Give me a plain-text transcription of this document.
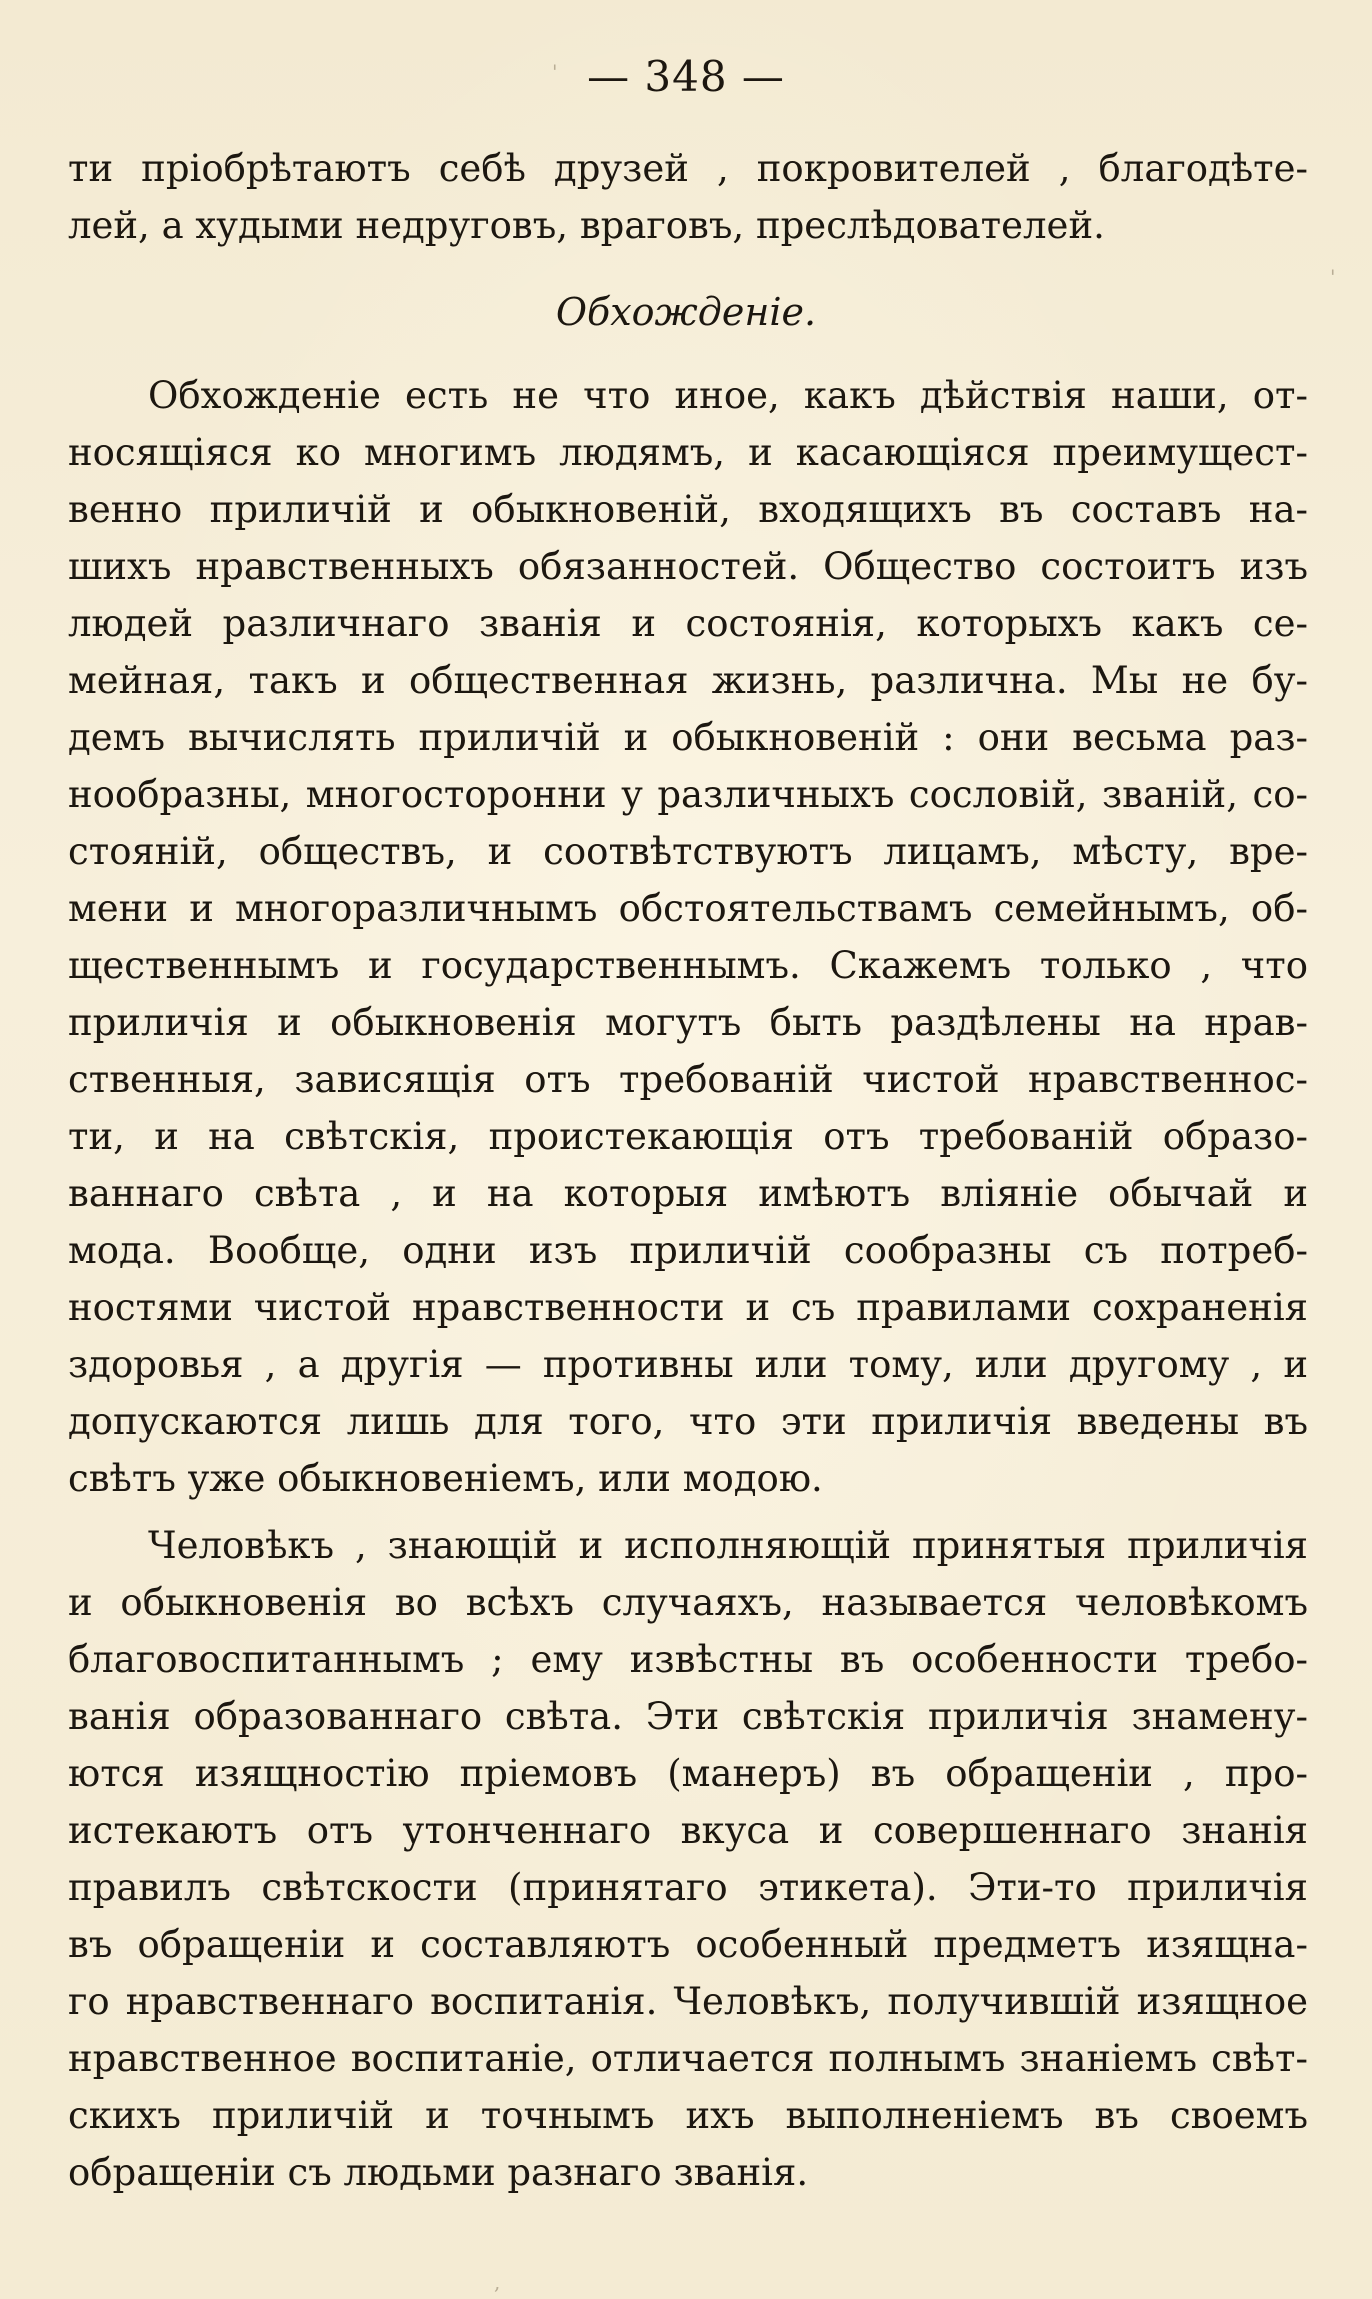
— 348 —
ти пріобрѣтаютъ себѣ друзей , покровителей , благодѣте-
лей, а худыми недруговъ, враговъ, преслѣдователей.
Обхожденіе.
Обхожденіе есть не что иное, какъ дѣйствія наши, от-
носящіяся ко многимъ людямъ, и касающіяся преимущест-
венно приличій и обыкновеній, входящихъ въ составъ на-
шихъ нравственныхъ обязанностей. Общество состоитъ изъ
людей различнаго званія и состоянія, которыхъ какъ се-
мейная, такъ и общественная жизнь, различна. Мы не бу-
демъ вычислять приличій и обыкновеній : они весьма раз-
нообразны, многосторонни у различныхъ сословій, званій, со-
стояній, обществъ, и соотвѣтствуютъ лицамъ, мѣсту, вре-
мени и многоразличнымъ обстоятельствамъ семейнымъ, об-
щественнымъ и государственнымъ. Скажемъ только , что
приличія и обыкновенія могутъ быть раздѣлены на нрав-
ственныя, зависящія отъ требованій чистой нравственнос-
ти, и на свѣтскія, проистекающія отъ требованій образо-
ваннаго свѣта , и на которыя имѣютъ вліяніе обычай и
мода. Вообще, одни изъ приличій сообразны съ потреб-
ностями чистой нравственности и съ правилами сохраненія
здоровья , а другія — противны или тому, или другому , и
допускаются лишь для того, что эти приличія введены въ
свѣтъ уже обыкновеніемъ, или модою.
Человѣкъ , знающій и исполняющій принятыя приличія
и обыкновенія во всѣхъ случаяхъ, называется человѣкомъ
благовоспитаннымъ ; ему извѣстны въ особенности требо-
ванія образованнаго свѣта. Эти свѣтскія приличія знамену-
ются изящностію пріемовъ (манеръ) въ обращеніи , про-
истекаютъ отъ утонченнаго вкуса и совершеннаго знанія
правилъ свѣтскости (принятаго этикета). Эти-то приличія
въ обращеніи и составляютъ особенный предметъ изящна-
го нравственнаго воспитанія. Человѣкъ, получившій изящное
нравственное воспитаніе, отличается полнымъ знаніемъ свѣт-
скихъ приличій и точнымъ ихъ выполненіемъ въ своемъ
обращеніи съ людьми разнаго званія.
'
'
,
